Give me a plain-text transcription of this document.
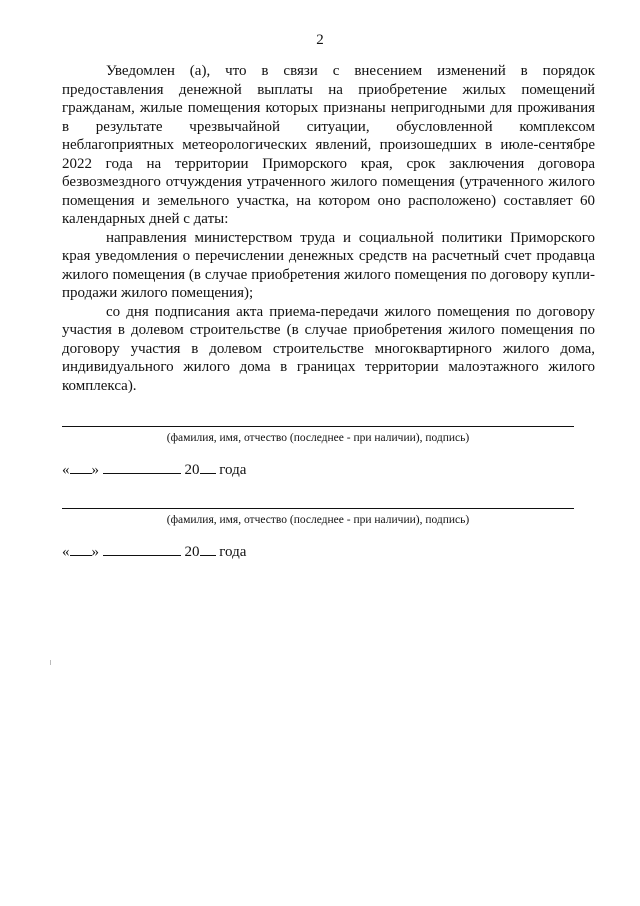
2

Уведомлен (а), что в связи с внесением изменений в порядок предоставления денежной выплаты на приобретение жилых помещений гражданам, жилые помещения которых признаны непригодными для проживания в результате чрезвычайной ситуации, обусловленной комплексом неблагоприятных метеорологических явлений, произошедших в июле-сентябре 2022 года на территории Приморского края, срок заключения договора безвозмездного отчуждения утраченного жилого помещения (утраченного жилого помещения и земельного участка, на котором оно расположено) составляет 60 календарных дней с даты:

направления министерством труда и социальной политики Приморского края уведомления о перечислении денежных средств на расчетный счет продавца жилого помещения (в случае приобретения жилого помещения по договору купли-продажи жилого помещения);

со дня подписания акта приема-передачи жилого помещения по договору участия в долевом строительстве (в случае приобретения жилого помещения по договору участия в долевом строительстве многоквартирного жилого дома, индивидуального жилого дома в границах территории малоэтажного жилого комплекса).

(фамилия, имя, отчество (последнее - при наличии), подпись)
« »	20 года
(фамилия, имя, отчество (последнее - при наличии), подпись)
« »	20 года
